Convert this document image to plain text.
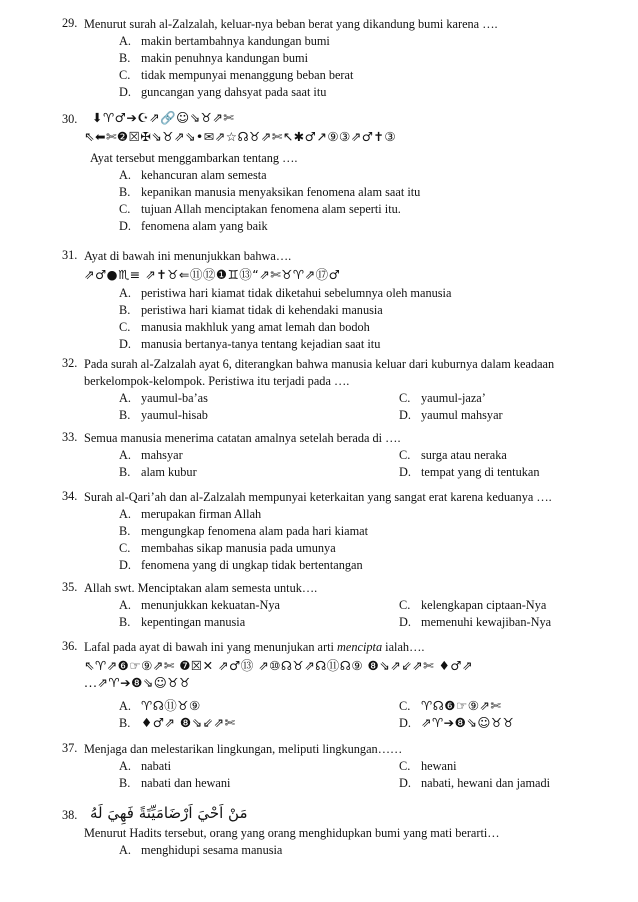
29. Menurut surah al-Zalzalah, keluar-nya beban berat yang dikandung bumi karena ….
A. makin bertambahnya kandungan bumi
B. makin penuhnya kandungan bumi
C. tidak mempunyai menanggung beban berat
D. guncangan yang dahsyat pada saat itu
30.	⬇♈♂➔☪⇗🔗☺⇘♉⇗✄
⇖⬅✄❷☒✠⇘♉⇗⇘•✉⇗☆☊♉⇗✄↖✱♂↗⑨③⇗♂✝③
Ayat tersebut menggambarkan tentang ….
A. kehancuran alam semesta
B. kepanikan manusia menyaksikan fenomena alam saat itu
C. tujuan Allah menciptakan fenomena alam seperti itu.
D. fenomena alam yang baik
31. Ayat di bawah ini menunjukkan bahwa….
⇗♂●♏≡ ⇗✝♉⇐⑪⑫❶♊⑬“⇗✄♉♈⇗⑰♂
A. peristiwa hari kiamat tidak diketahui sebelumnya oleh manusia
B. peristiwa hari kiamat tidak di kehendaki manusia
C. manusia makhluk yang amat lemah dan bodoh
D. manusia bertanya-tanya tentang kejadian saat itu
32. Pada surah al-Zalzalah ayat 6, diterangkan bahwa manusia keluar dari kuburnya dalam keadaan berkelompok-kelompok. Peristiwa itu terjadi pada ….
A. yaumul-ba’as
B. yaumul-hisab
C. yaumul-jaza’
D. yaumul mahsyar
33. Semua manusia menerima catatan amalnya setelah berada di ….
A. mahsyar
B. alam kubur
C. surga atau neraka
D. tempat yang di tentukan
34. Surah al-Qari’ah dan al-Zalzalah mempunyai keterkaitan yang sangat erat karena keduanya ….
A. merupakan firman Allah
B. mengungkap fenomena alam pada hari kiamat
C. membahas sikap manusia pada umunya
D. fenomena yang di ungkap tidak bertentangan
35. Allah swt. Menciptakan alam semesta untuk….
A. menunjukkan kekuatan-Nya
B. kepentingan manusia
C. kelengkapan ciptaan-Nya
D. memenuhi kewajiban-Nya
36. Lafal pada ayat di bawah ini yang menunjukan arti mencipta ialah….
⇖♈⇗❻☞⑨⇗✄ ❼☒✕ ⇗♂⑬ ⇗⑩☊♉⇗☊⑪☊⑨ ❽⇘⇗⇙⇗✄ ♦♂⇗
...⇗♈➔❽⇘☺♉♉
A. ♈☊⑪♉⑨
B. ♦♂⇗ ❽⇘⇙⇗✄
C. ♈☊❻☞⑨⇗✄
D. ⇗♈➔❽⇘☺♉♉
37. Menjaga dan melestarikan lingkungan, meliputi lingkungan……
A. nabati
B. nabati dan hewani
C. hewani
D. nabati, hewani dan jamadi
38. مَنْ اَحْيَ اَرْضَامَيِّتَةً فَهِيَ لَهُ
Menurut Hadits tersebut, orang yang orang menghidupkan bumi yang mati berarti…
A. menghidupi sesama manusia
